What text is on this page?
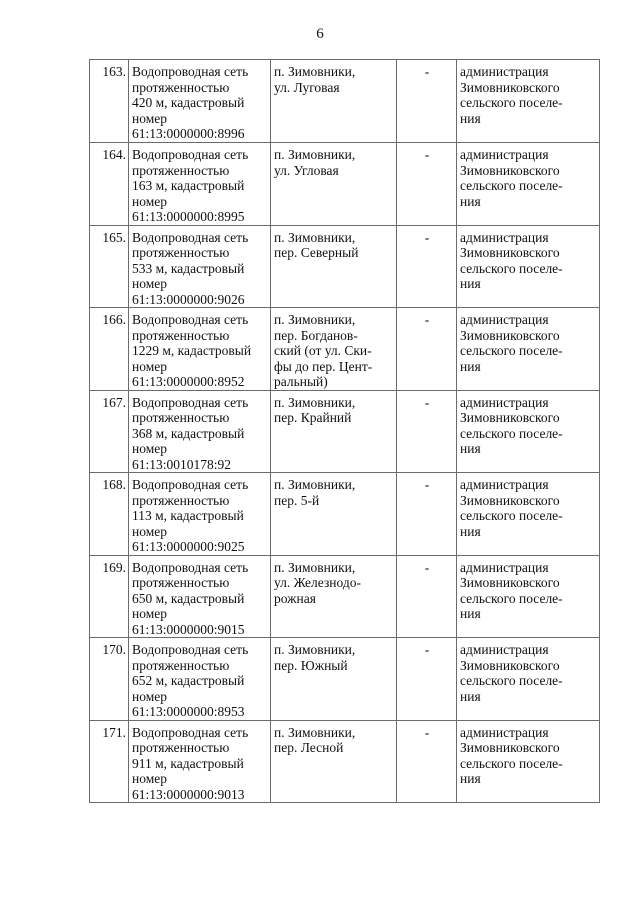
6
163.	Водопроводная сеть
протяженностью
420 м, кадастровый
номер
61:13:0000000:8996	п. Зимовники,
ул. Луговая	-	администрация
Зимовниковского
сельского поселе-
ния

164.	Водопроводная сеть
протяженностью
163 м, кадастровый
номер
61:13:0000000:8995	п. Зимовники,
ул. Угловая	-	администрация
Зимовниковского
сельского поселе-
ния

165.	Водопроводная сеть
протяженностью
533 м, кадастровый
номер
61:13:0000000:9026	п. Зимовники,
пер. Северный	-	администрация
Зимовниковского
сельского поселе-
ния

166.	Водопроводная сеть
протяженностью
1229 м, кадастровый
номер
61:13:0000000:8952	п. Зимовники,
пер. Богданов-
ский (от ул. Ски-
фы до пер. Цент-
ральный)	-	администрация
Зимовниковского
сельского поселе-
ния

167.	Водопроводная сеть
протяженностью
368 м, кадастровый
номер
61:13:0010178:92	п. Зимовники,
пер. Крайний	-	администрация
Зимовниковского
сельского поселе-
ния

168.	Водопроводная сеть
протяженностью
113 м, кадастровый
номер
61:13:0000000:9025	п. Зимовники,
пер. 5-й	-	администрация
Зимовниковского
сельского поселе-
ния

169.	Водопроводная сеть
протяженностью
650 м, кадастровый
номер
61:13:0000000:9015	п. Зимовники,
ул. Железнодо-
рожная	-	администрация
Зимовниковского
сельского поселе-
ния

170.	Водопроводная сеть
протяженностью
652 м, кадастровый
номер
61:13:0000000:8953	п. Зимовники,
пер. Южный	-	администрация
Зимовниковского
сельского поселе-
ния

171.	Водопроводная сеть
протяженностью
911 м, кадастровый
номер
61:13:0000000:9013	п. Зимовники,
пер. Лесной	-	администрация
Зимовниковского
сельского поселе-
ния
